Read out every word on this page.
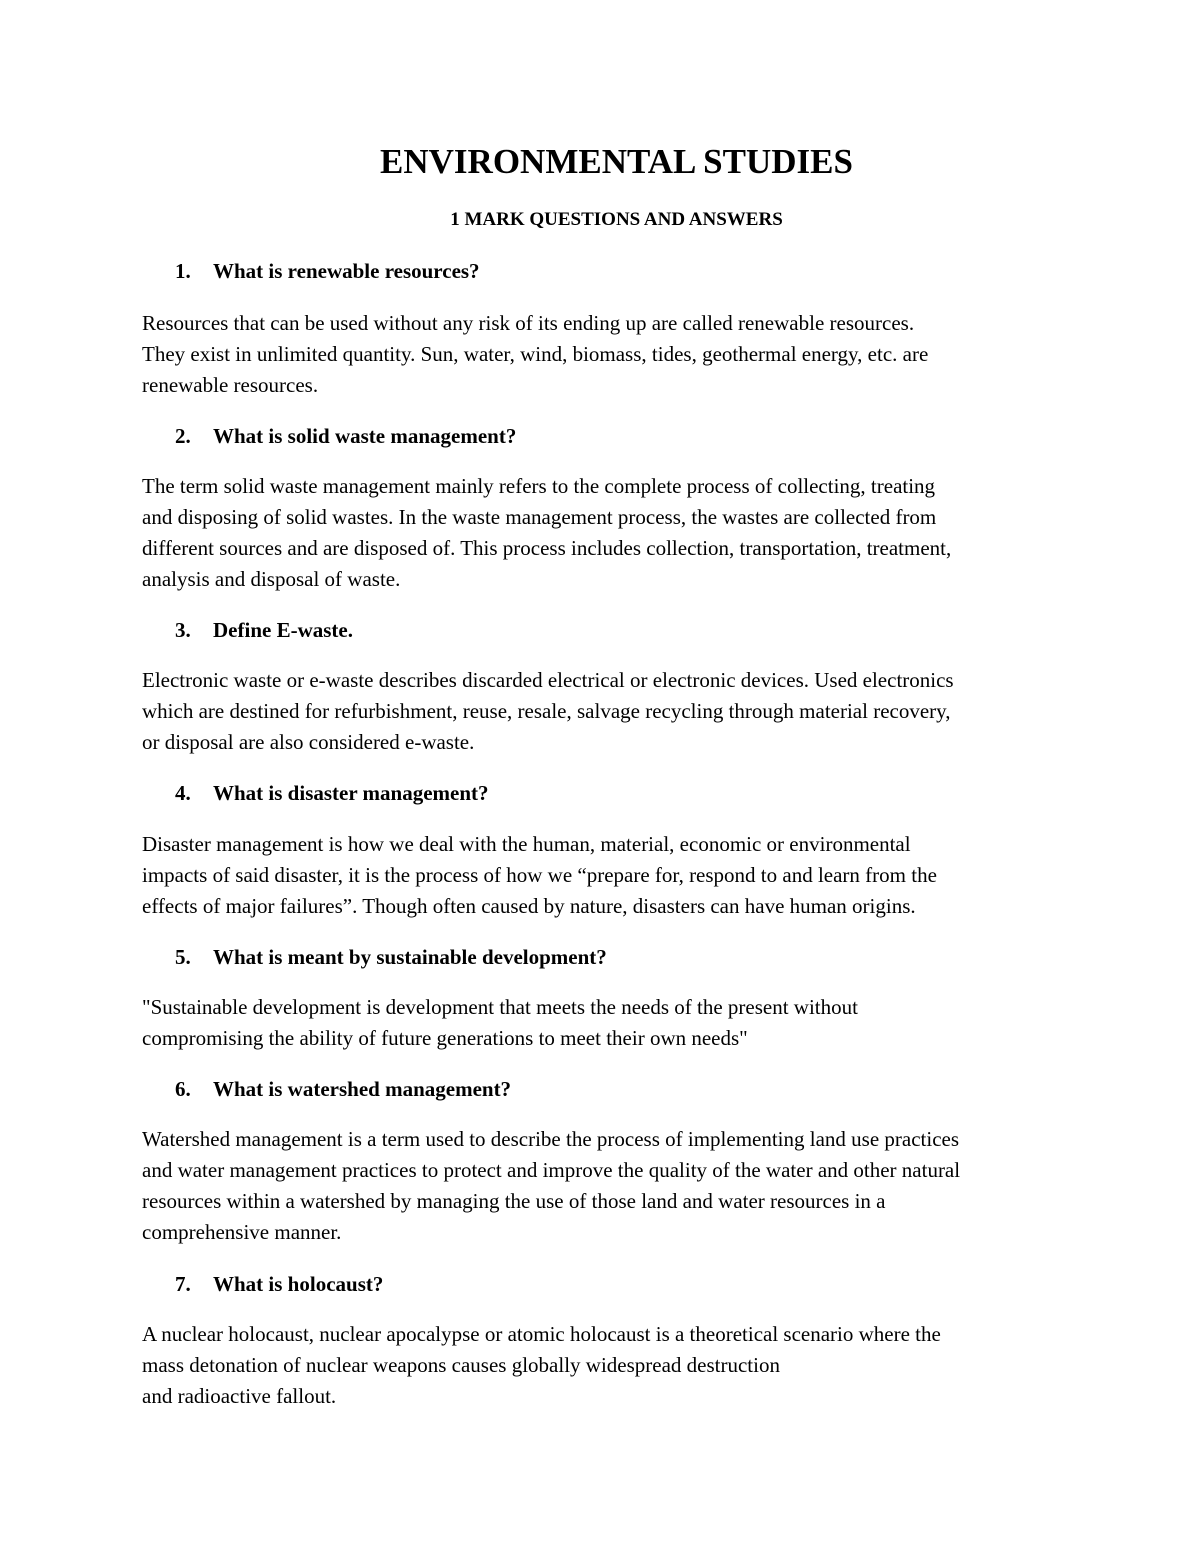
ENVIRONMENTAL STUDIES
1 MARK QUESTIONS AND ANSWERS
1. What is renewable resources?
Resources that can be used without any risk of its ending up are called renewable resources.
They exist in unlimited quantity. Sun, water, wind, biomass, tides, geothermal energy, etc. are
renewable resources.
2. What is solid waste management?
The term solid waste management mainly refers to the complete process of collecting, treating
and disposing of solid wastes. In the waste management process, the wastes are collected from
different sources and are disposed of. This process includes collection, transportation, treatment,
analysis and disposal of waste.
3. Define E-waste.
Electronic waste or e-waste describes discarded electrical or electronic devices. Used electronics
which are destined for refurbishment, reuse, resale, salvage recycling through material recovery,
or disposal are also considered e-waste.
4. What is disaster management?
Disaster management is how we deal with the human, material, economic or environmental
impacts of said disaster, it is the process of how we “prepare for, respond to and learn from the
effects of major failures”. Though often caused by nature, disasters can have human origins.
5. What is meant by sustainable development?
"Sustainable development is development that meets the needs of the present without
compromising the ability of future generations to meet their own needs"
6. What is watershed management?
Watershed management is a term used to describe the process of implementing land use practices
and water management practices to protect and improve the quality of the water and other natural
resources within a watershed by managing the use of those land and water resources in a
comprehensive manner.
7. What is holocaust?
A nuclear holocaust, nuclear apocalypse or atomic holocaust is a theoretical scenario where the
mass detonation of nuclear weapons causes globally widespread destruction
and radioactive fallout.
